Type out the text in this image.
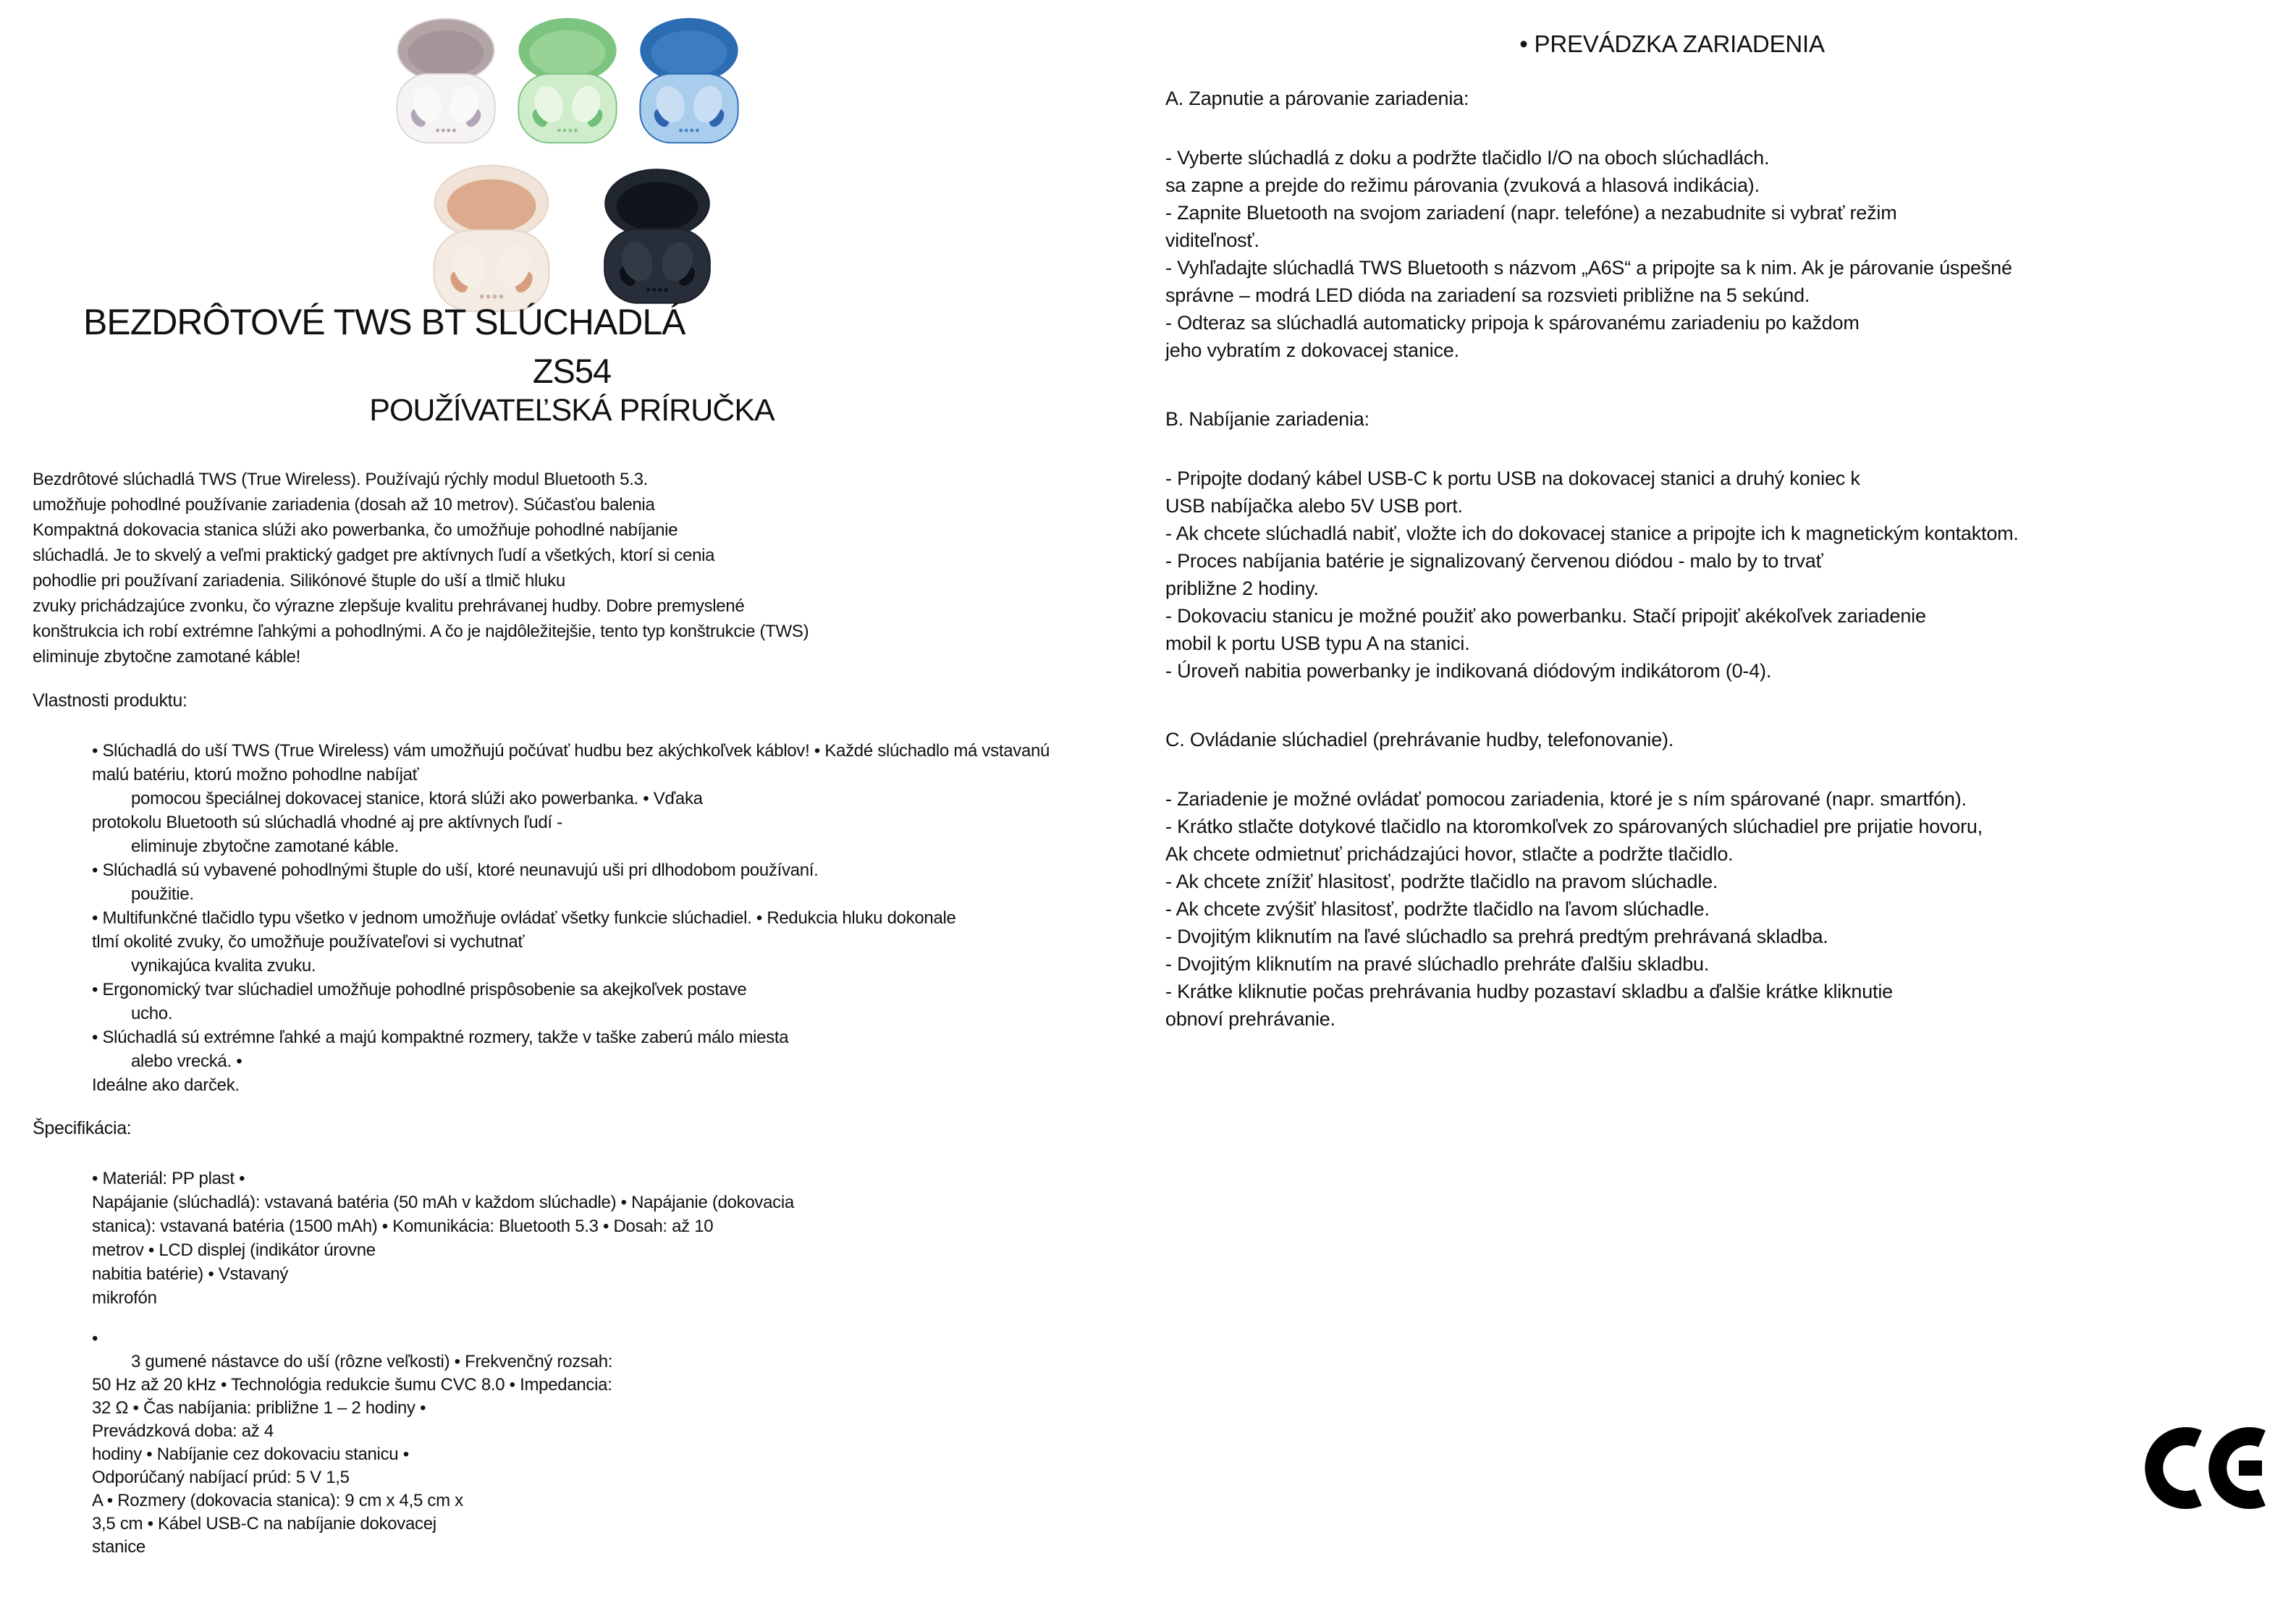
BEZDRÔTOVÉ TWS BT SLÚCHADLÁ
ZS54
POUŽÍVATEĽSKÁ PRÍRUČKA
Bezdrôtové slúchadlá TWS (True Wireless). Používajú rýchly modul Bluetooth 5.3.
umožňuje pohodlné používanie zariadenia (dosah až 10 metrov). Súčasťou balenia
Kompaktná dokovacia stanica slúži ako powerbanka, čo umožňuje pohodlné nabíjanie
slúchadlá. Je to skvelý a veľmi praktický gadget pre aktívnych ľudí a všetkých, ktorí si cenia
pohodlie pri používaní zariadenia. Silikónové štuple do uší a tlmič hluku
zvuky prichádzajúce zvonku, čo výrazne zlepšuje kvalitu prehrávanej hudby. Dobre premyslené
konštrukcia ich robí extrémne ľahkými a pohodlnými. A čo je najdôležitejšie, tento typ konštrukcie (TWS)
eliminuje zbytočne zamotané káble!
Vlastnosti produktu:
• Slúchadlá do uší TWS (True Wireless) vám umožňujú počúvať hudbu bez akýchkoľvek káblov! • Každé slúchadlo má vstavanú
malú batériu, ktorú možno pohodlne nabíjať
pomocou špeciálnej dokovacej stanice, ktorá slúži ako powerbanka. • Vďaka
protokolu Bluetooth sú slúchadlá vhodné aj pre aktívnych ľudí -
eliminuje zbytočne zamotané káble.
• Slúchadlá sú vybavené pohodlnými štuple do uší, ktoré neunavujú uši pri dlhodobom používaní.
použitie.
• Multifunkčné tlačidlo typu všetko v jednom umožňuje ovládať všetky funkcie slúchadiel. • Redukcia hluku dokonale
tlmí okolité zvuky, čo umožňuje používateľovi si vychutnať
vynikajúca kvalita zvuku.
• Ergonomický tvar slúchadiel umožňuje pohodlné prispôsobenie sa akejkoľvek postave
ucho.
• Slúchadlá sú extrémne ľahké a majú kompaktné rozmery, takže v taške zaberú málo miesta
alebo vrecká. •
Ideálne ako darček.
Špecifikácia:
• Materiál: PP plast •
Napájanie (slúchadlá): vstavaná batéria (50 mAh v každom slúchadle) • Napájanie (dokovacia
stanica): vstavaná batéria (1500 mAh) • Komunikácia: Bluetooth 5.3 • Dosah: až 10
metrov • LCD displej (indikátor úrovne
nabitia batérie) • Vstavaný
mikrofón
•
3 gumené nástavce do uší (rôzne veľkosti) • Frekvenčný rozsah:
50 Hz až 20 kHz • Technológia redukcie šumu CVC 8.0 • Impedancia:
32 Ω • Čas nabíjania: približne 1 – 2 hodiny •
Prevádzková doba: až 4
hodiny • Nabíjanie cez dokovaciu stanicu •
Odporúčaný nabíjací prúd: 5 V 1,5
A • Rozmery (dokovacia stanica): 9 cm x 4,5 cm x
3,5 cm • Kábel USB-C na nabíjanie dokovacej
stanice
• PREVÁDZKA ZARIADENIA
A. Zapnutie a párovanie zariadenia:
- Vyberte slúchadlá z doku a podržte tlačidlo I/O na oboch slúchadlách.
sa zapne a prejde do režimu párovania (zvuková a hlasová indikácia).
- Zapnite Bluetooth na svojom zariadení (napr. telefóne) a nezabudnite si vybrať režim
viditeľnosť.
- Vyhľadajte slúchadlá TWS Bluetooth s názvom „A6S“ a pripojte sa k nim. Ak je párovanie úspešné
správne – modrá LED dióda na zariadení sa rozsvieti približne na 5 sekúnd.
- Odteraz sa slúchadlá automaticky pripoja k spárovanému zariadeniu po každom
jeho vybratím z dokovacej stanice.
B. Nabíjanie zariadenia:
- Pripojte dodaný kábel USB-C k portu USB na dokovacej stanici a druhý koniec k
USB nabíjačka alebo 5V USB port.
- Ak chcete slúchadlá nabiť, vložte ich do dokovacej stanice a pripojte ich k magnetickým kontaktom.
- Proces nabíjania batérie je signalizovaný červenou diódou - malo by to trvať
približne 2 hodiny.
- Dokovaciu stanicu je možné použiť ako powerbanku. Stačí pripojiť akékoľvek zariadenie
mobil k portu USB typu A na stanici.
- Úroveň nabitia powerbanky je indikovaná diódovým indikátorom (0-4).
C. Ovládanie slúchadiel (prehrávanie hudby, telefonovanie).
- Zariadenie je možné ovládať pomocou zariadenia, ktoré je s ním spárované (napr. smartfón).
- Krátko stlačte dotykové tlačidlo na ktoromkoľvek zo spárovaných slúchadiel pre prijatie hovoru,
Ak chcete odmietnuť prichádzajúci hovor, stlačte a podržte tlačidlo.
- Ak chcete znížiť hlasitosť, podržte tlačidlo na pravom slúchadle.
- Ak chcete zvýšiť hlasitosť, podržte tlačidlo na ľavom slúchadle.
- Dvojitým kliknutím na ľavé slúchadlo sa prehrá predtým prehrávaná skladba.
- Dvojitým kliknutím na pravé slúchadlo prehráte ďalšiu skladbu.
- Krátke kliknutie počas prehrávania hudby pozastaví skladbu a ďalšie krátke kliknutie
obnoví prehrávanie.
